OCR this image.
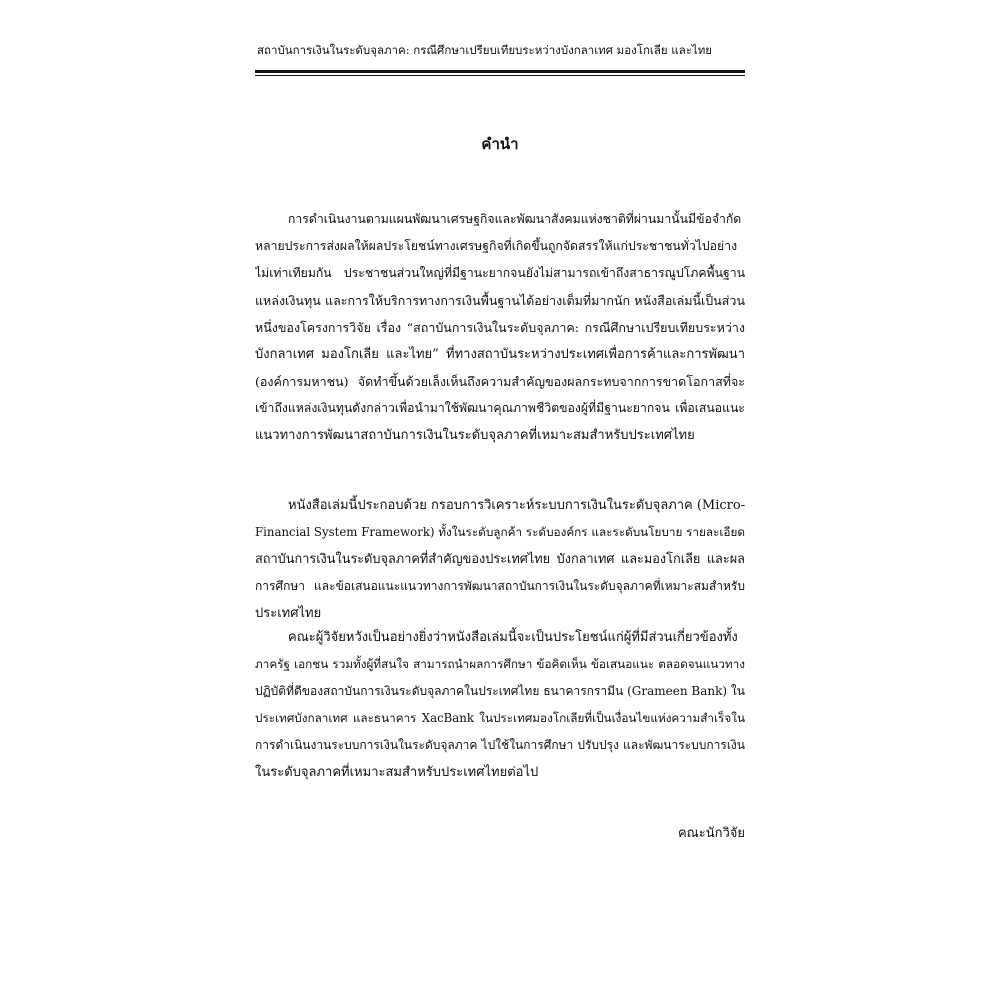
สถาบันการเงินในระดับจุลภาค: กรณีศึกษาเปรียบเทียบระหว่างบังกลาเทศ มองโกเลีย และไทย
คำนำ
การดำเนินงานตามแผนพัฒนาเศรษฐกิจและพัฒนาสังคมแห่งชาติที่ผ่านมานั้นมีข้อจำกัด
หลายประการส่งผลให้ผลประโยชน์ทางเศรษฐกิจที่เกิดขึ้นถูกจัดสรรให้แก่ประชาชนทั่วไปอย่าง
ไม่เท่าเทียมกัน ประชาชนส่วนใหญ่ที่มีฐานะยากจนยังไม่สามารถเข้าถึงสาธารณูปโภคพื้นฐาน
แหล่งเงินทุน และการให้บริการทางการเงินพื้นฐานได้อย่างเต็มที่มากนัก หนังสือเล่มนี้เป็นส่วน
หนึ่งของโครงการวิจัย เรื่อง “สถาบันการเงินในระดับจุลภาค: กรณีศึกษาเปรียบเทียบระหว่าง
บังกลาเทศ มองโกเลีย และไทย” ที่ทางสถาบันระหว่างประเทศเพื่อการค้าและการพัฒนา
(องค์การมหาชน) จัดทำขึ้นด้วยเล็งเห็นถึงความสำคัญของผลกระทบจากการขาดโอกาสที่จะ
เข้าถึงแหล่งเงินทุนดังกล่าวเพื่อนำมาใช้พัฒนาคุณภาพชีวิตของผู้ที่มีฐานะยากจน เพื่อเสนอแนะ
แนวทางการพัฒนาสถาบันการเงินในระดับจุลภาคที่เหมาะสมสำหรับประเทศไทย
หนังสือเล่มนี้ประกอบด้วย กรอบการวิเคราะห์ระบบการเงินในระดับจุลภาค (Micro-
Financial System Framework) ทั้งในระดับลูกค้า ระดับองค์กร และระดับนโยบาย รายละเอียด
สถาบันการเงินในระดับจุลภาคที่สำคัญของประเทศไทย บังกลาเทศ และมองโกเลีย และผล
การศึกษา และข้อเสนอแนะแนวทางการพัฒนาสถาบันการเงินในระดับจุลภาคที่เหมาะสมสำหรับ
ประเทศไทย
คณะผู้วิจัยหวังเป็นอย่างยิ่งว่าหนังสือเล่มนี้จะเป็นประโยชน์แก่ผู้ที่มีส่วนเกี่ยวข้องทั้ง
ภาครัฐ เอกชน รวมทั้งผู้ที่สนใจ สามารถนำผลการศึกษา ข้อคิดเห็น ข้อเสนอแนะ ตลอดจนแนวทาง
ปฏิบัติที่ดีของสถาบันการเงินระดับจุลภาคในประเทศไทย ธนาคารกรามีน (Grameen Bank) ใน
ประเทศบังกลาเทศ และธนาคาร XacBank ในประเทศมองโกเลียที่เป็นเงื่อนไขแห่งความสำเร็จใน
การดำเนินงานระบบการเงินในระดับจุลภาค ไปใช้ในการศึกษา ปรับปรุง และพัฒนาระบบการเงิน
ในระดับจุลภาคที่เหมาะสมสำหรับประเทศไทยต่อไป
คณะนักวิจัย
